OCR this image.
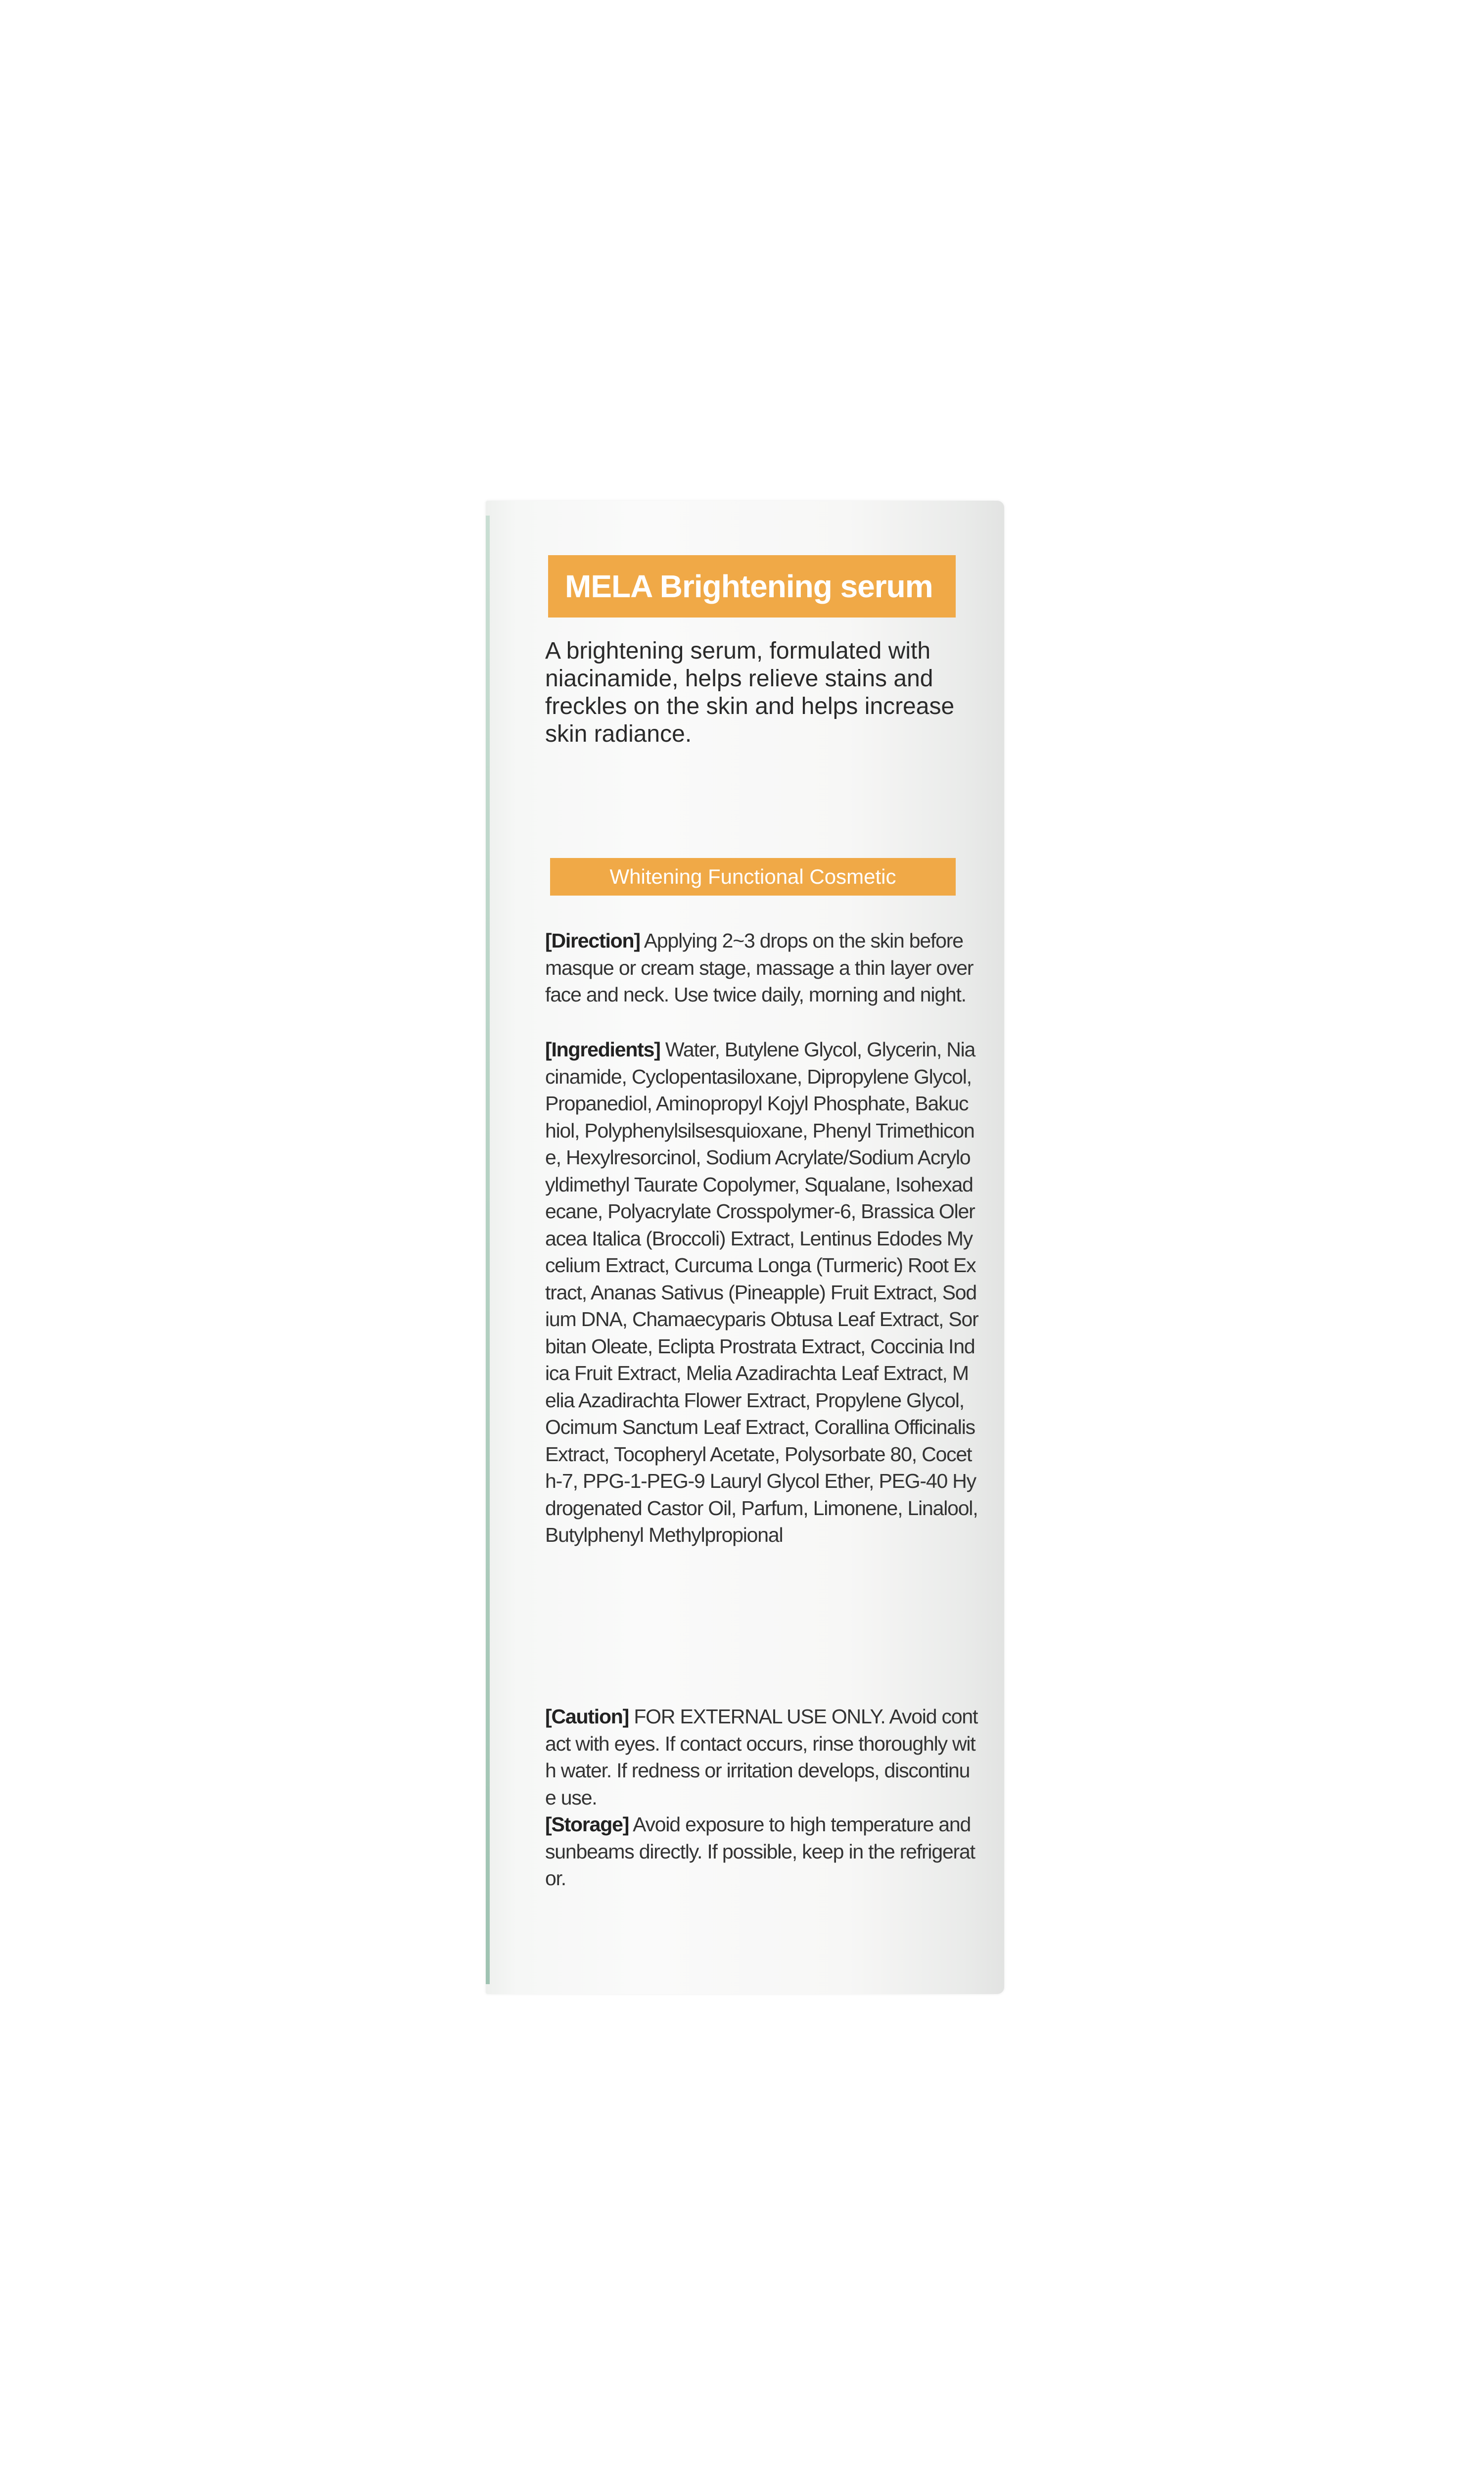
MELA Brightening serum
A brightening serum, formulated with niacinamide, helps relieve stains and freckles on the skin and helps increase skin radiance.
Whitening Functional Cosmetic
[Direction] Applying 2~3 drops on the skin before masque or cream stage, massage a thin layer over face and neck. Use twice daily, morning and night.
[Ingredients] Water, Butylene Glycol, Glycerin, Niacinamide, Cyclopentasiloxane, Dipropylene Glycol, Propanediol, Aminopropyl Kojyl Phosphate, Bakuchiol, Polyphenylsilsesquioxane, Phenyl Trimethicone, Hexylresorcinol, Sodium Acrylate/Sodium Acryloyldimethyl Taurate Copolymer, Squalane, Isohexadecane, Polyacrylate Crosspolymer-6, Brassica Oleracea Italica (Broccoli) Extract, Lentinus Edodes Mycelium Extract, Curcuma Longa (Turmeric) Root Extract, Ananas Sativus (Pineapple) Fruit Extract, Sodium DNA, Chamaecyparis Obtusa Leaf Extract, Sorbitan Oleate, Eclipta Prostrata Extract, Coccinia Indica Fruit Extract, Melia Azadirachta Leaf Extract, Melia Azadirachta Flower Extract, Propylene Glycol, Ocimum Sanctum Leaf Extract, Corallina Officinalis Extract, Tocopheryl Acetate, Polysorbate 80, Coceth-7, PPG-1-PEG-9 Lauryl Glycol Ether, PEG-40 Hydrogenated Castor Oil, Parfum, Limonene, Linalool, Butylphenyl Methylpropional
[Caution] FOR EXTERNAL USE ONLY. Avoid contact with eyes. If contact occurs, rinse thoroughly with water. If redness or irritation develops, discontinue use.
[Storage] Avoid exposure to high temperature and sunbeams directly. If possible, keep in the refrigerator.
